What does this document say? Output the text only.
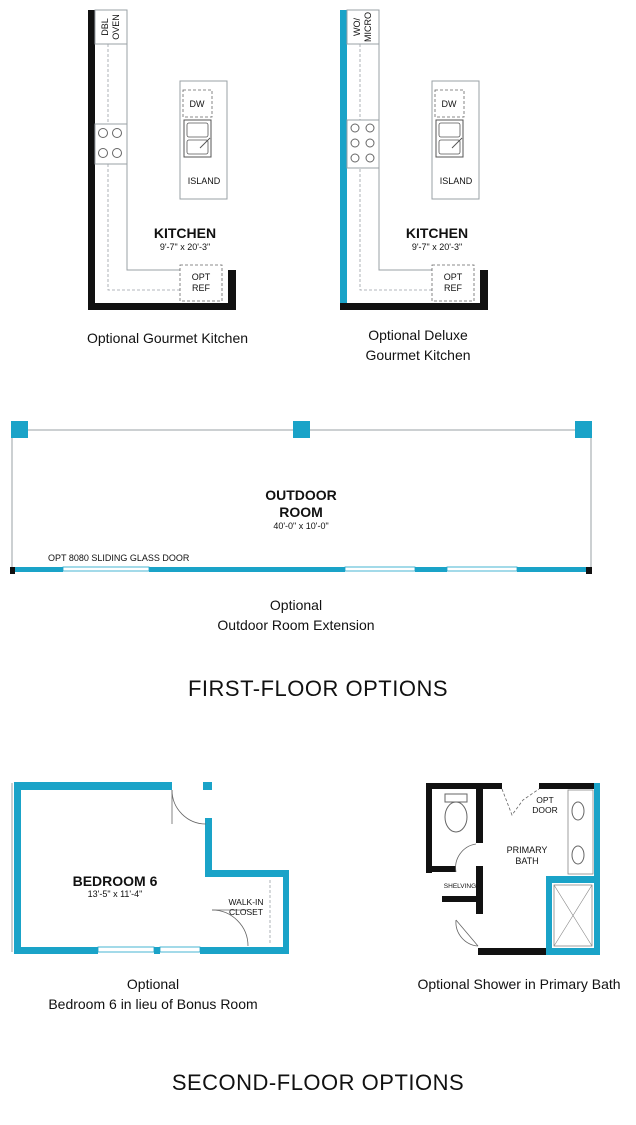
DBL OVEN
DW
ISLAND
KITCHEN
9'-7" x 20'-3"
OPT
REF
WO/ MICRO
DW
ISLAND
KITCHEN
9'-7" x 20'-3"
OPT
REF
OPT 8080 SLIDING GLASS DOOR
OUTDOOR
ROOM
40'-0" x 10'-0"
BEDROOM 6
13'-5" x 11'-4"
WALK-IN
CLOSET
OPT
DOOR
PRIMARY
BATH
SHELVING
Optional Gourmet Kitchen	Optional Deluxe
Gourmet Kitchen
Optional
Outdoor Room Extension
FIRST-FLOOR OPTIONS
Optional
Bedroom 6 in lieu of Bonus Room
Optional Shower in Primary Bath
SECOND-FLOOR OPTIONS
